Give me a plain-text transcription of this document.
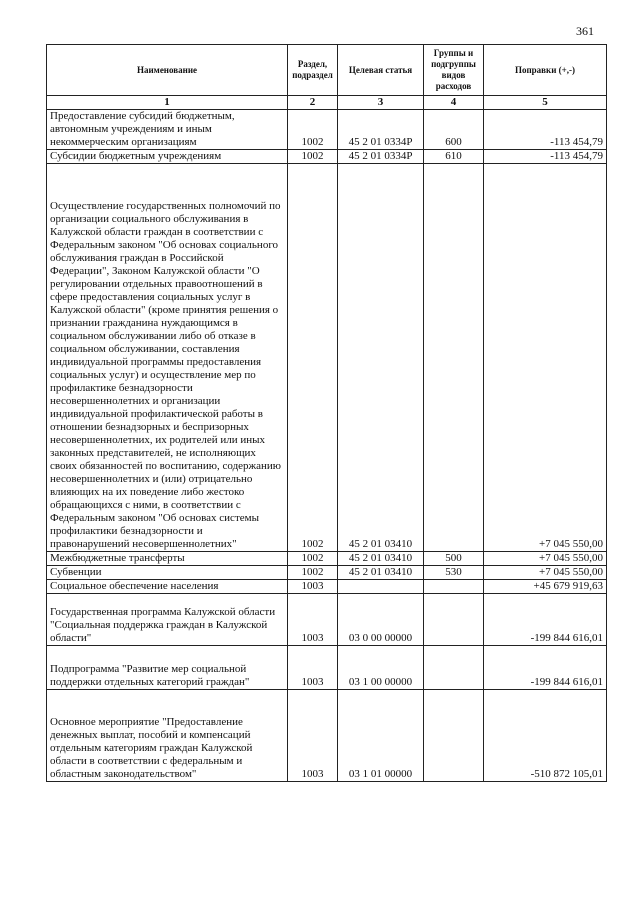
361
Наименование	Раздел, подраздел	Целевая статья	Группы и подгруппы видов расходов	Поправки (+,-)
1	2	3	4	5
Предоставление субсидий бюджетным, автономным учреждениям и иным некоммерческим организациям	1002	45 2 01 0334Р	600	-113 454,79
Субсидии бюджетным учреждениям	1002	45 2 01 0334Р	610	-113 454,79
Осуществление государственных полномочий по организации социального обслуживания в Калужской области граждан в соответствии с Федеральным законом "Об основах социального обслуживания граждан в Российской Федерации", Законом Калужской области "О регулировании отдельных правоотношений в сфере предоставления социальных услуг в Калужской области" (кроме принятия решения о признании гражданина нуждающимся в социальном обслуживании либо об отказе в социальном обслуживании, составления индивидуальной программы предоставления социальных услуг) и осуществление мер по профилактике безнадзорности несовершеннолетних и организации индивидуальной профилактической работы в отношении безнадзорных и беспризорных несовершеннолетних, их родителей или иных законных представителей, не исполняющих своих обязанностей по воспитанию, содержанию несовершеннолетних и (или) отрицательно влияющих на их поведение либо жестоко обращающихся с ними, в соответствии с Федеральным законом "Об основах системы профилактики безнадзорности и правонарушений несовершеннолетних"	1002	45 2 01 03410		+7 045 550,00
Межбюджетные трансферты	1002	45 2 01 03410	500	+7 045 550,00
Субвенции	1002	45 2 01 03410	530	+7 045 550,00
Социальное обеспечение населения	1003			+45 679 919,63
Государственная программа Калужской области "Социальная поддержка граждан в Калужской области"	1003	03 0 00 00000		-199 844 616,01
Подпрограмма "Развитие мер социальной поддержки отдельных категорий граждан"	1003	03 1 00 00000		-199 844 616,01
Основное мероприятие "Предоставление денежных выплат, пособий и компенсаций отдельным категориям граждан Калужской области в соответствии с федеральным и областным законодательством"	1003	03 1 01 00000		-510 872 105,01
